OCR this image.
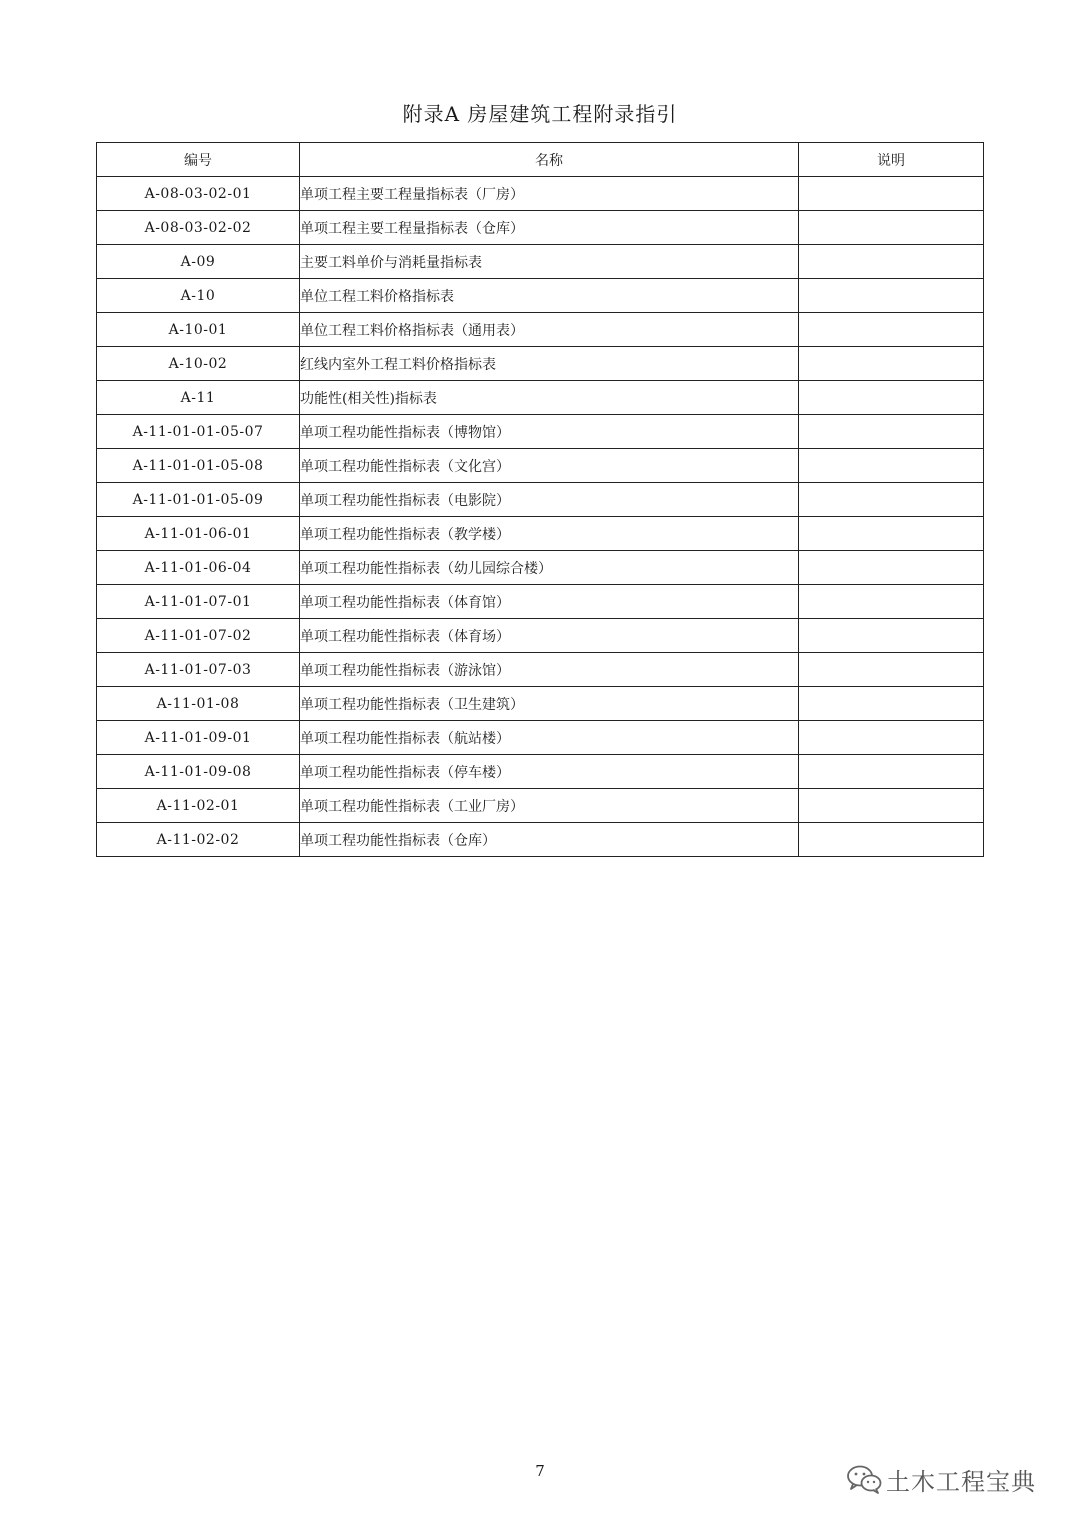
附录A 房屋建筑工程附录指引
编号	名称	说明
A-08-03-02-01	单项工程主要工程量指标表（厂房）	
A-08-03-02-02	单项工程主要工程量指标表（仓库）	
A-09	主要工料单价与消耗量指标表	
A-10	单位工程工料价格指标表	
A-10-01	单位工程工料价格指标表（通用表）	
A-10-02	红线内室外工程工料价格指标表	
A-11	功能性(相关性)指标表	
A-11-01-01-05-07	单项工程功能性指标表（博物馆）	
A-11-01-01-05-08	单项工程功能性指标表（文化宫）	
A-11-01-01-05-09	单项工程功能性指标表（电影院）	
A-11-01-06-01	单项工程功能性指标表（教学楼）	
A-11-01-06-04	单项工程功能性指标表（幼儿园综合楼）	
A-11-01-07-01	单项工程功能性指标表（体育馆）	
A-11-01-07-02	单项工程功能性指标表（体育场）	
A-11-01-07-03	单项工程功能性指标表（游泳馆）	
A-11-01-08	单项工程功能性指标表（卫生建筑）	
A-11-01-09-01	单项工程功能性指标表（航站楼）	
A-11-01-09-08	单项工程功能性指标表（停车楼）	
A-11-02-01	单项工程功能性指标表（工业厂房）	
A-11-02-02	单项工程功能性指标表（仓库）	
7	土木工程宝典
